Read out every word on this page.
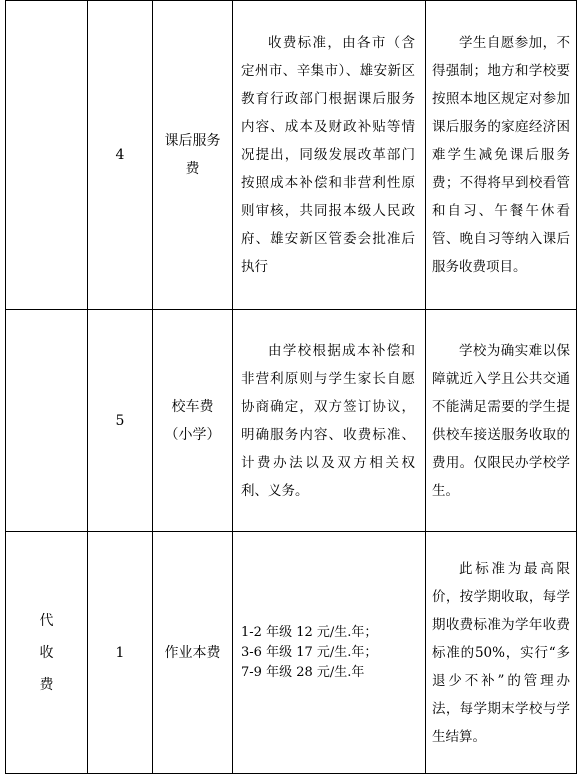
	4	课后服务费	收费标准，由各市（含定州市、辛集市）、雄安新区教育行政部门根据课后服务内容、成本及财政补贴等情况提出，同级发展改革部门按照成本补偿和非营利性原则审核，共同报本级人民政府、雄安新区管委会批准后执行	学生自愿参加，不得强制；地方和学校要按照本地区规定对参加课后服务的家庭经济困难学生减免课后服务费；不得将早到校看管和自习、午餐午休看管、晚自习等纳入课后服务收费项目。

	5	校车费
（小学）	由学校根据成本补偿和非营利原则与学生家长自愿协商确定，双方签订协议，明确服务内容、收费标准、计费办法以及双方相关权利、义务。	学校为确实难以保障就近入学且公共交通不能满足需要的学生提供校车接送服务收取的费用。仅限民办学校学生。

代
收
费	1	作业本费	1-2 年级 12 元/生.年；
3-6 年级 17 元/生.年；
7-9 年级 28 元/生.年	此标准为最高限价，按学期收取，每学期收费标准为学年收费标准的50%，实行“多退少不补”的管理办法，每学期末学校与学生结算。
